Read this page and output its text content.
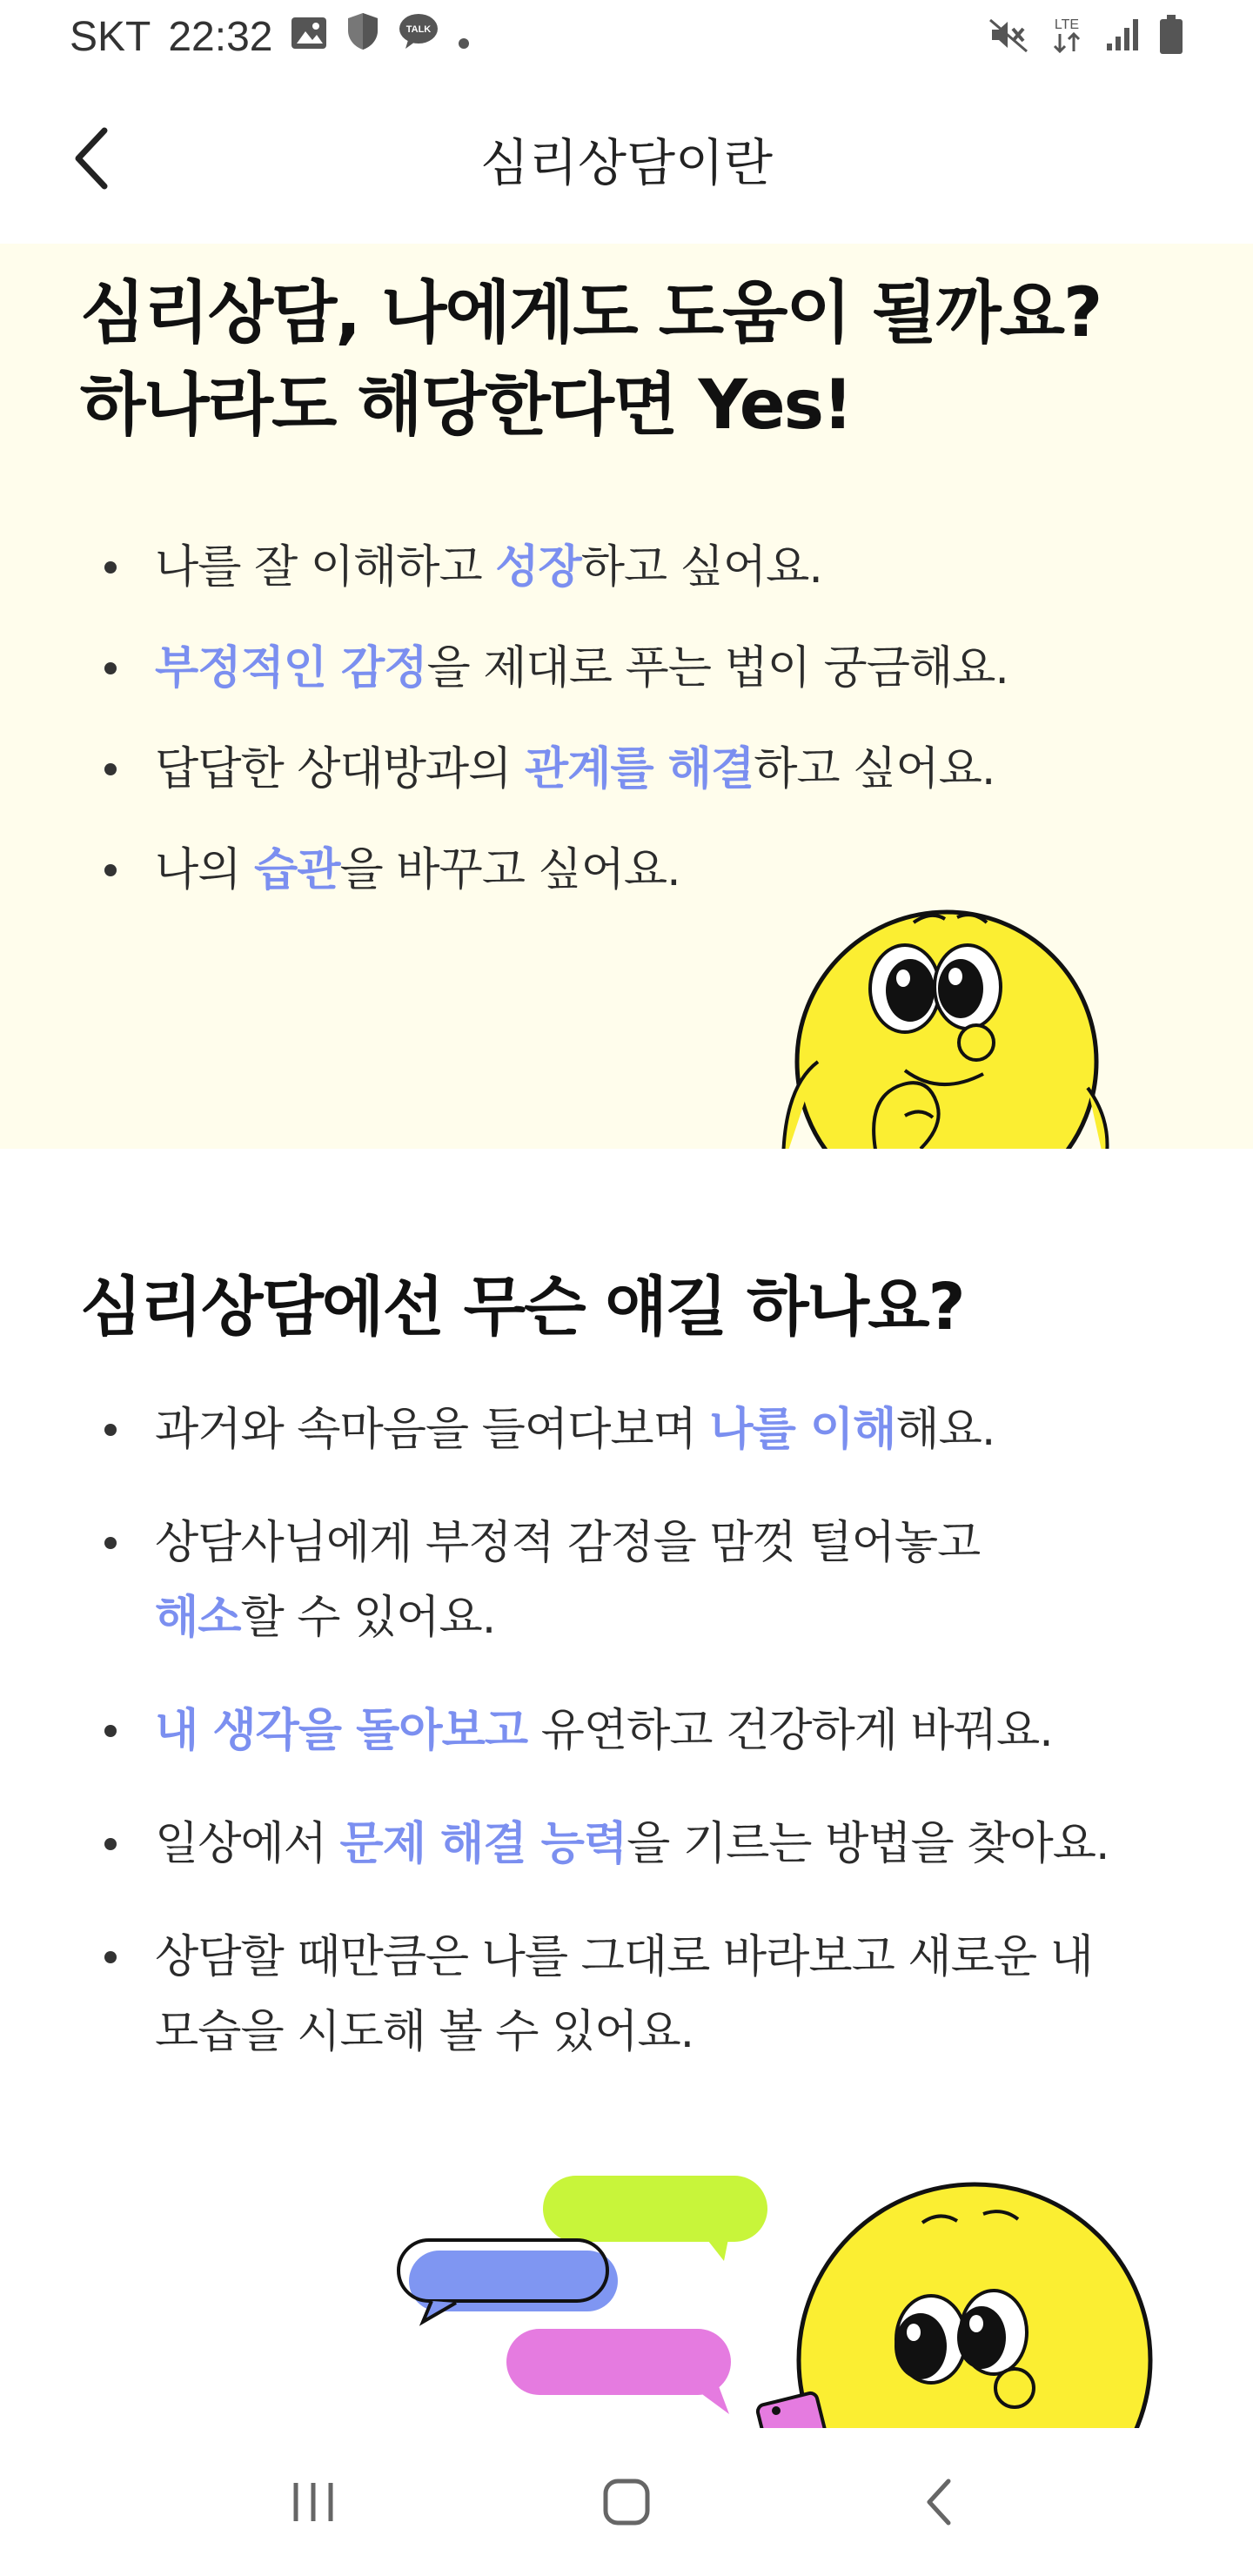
SKT 22:32	TALK	LTE
심리상담이란
심리상담, 나에게도 도움이 될까요?
하나라도 해당한다면 Yes!
나를 잘 이해하고 성장하고 싶어요.
부정적인 감정을 제대로 푸는 법이 궁금해요.
답답한 상대방과의 관계를 해결하고 싶어요.
나의 습관을 바꾸고 싶어요.
심리상담에선 무슨 얘길 하나요?
과거와 속마음을 들여다보며 나를 이해해요.
상담사님에게 부정적 감정을 맘껏 털어놓고
해소할 수 있어요.
내 생각을 돌아보고 유연하고 건강하게 바꿔요.
일상에서 문제 해결 능력을 기르는 방법을 찾아요.
상담할 때만큼은 나를 그대로 바라보고 새로운 내
모습을 시도해 볼 수 있어요.
